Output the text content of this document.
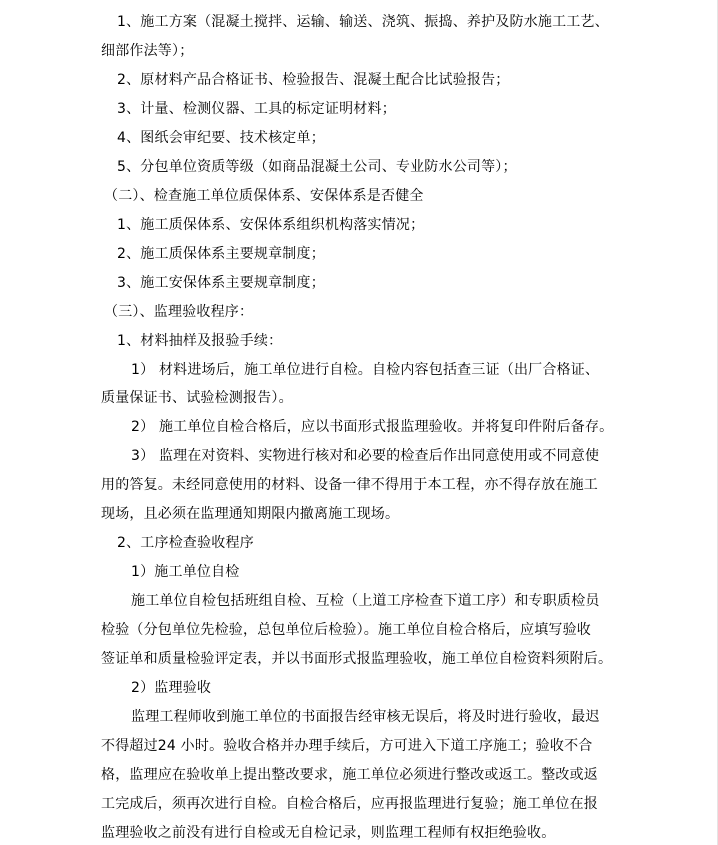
1、施工方案（混凝土搅拌、运输、输送、浇筑、振捣、养护及防水施工工艺、
细部作法等）；
2、原材料产品合格证书、检验报告、混凝土配合比试验报告；
3、计量、检测仪器、工具的标定证明材料；
4、图纸会审纪要、技术核定单；
5、分包单位资质等级（如商品混凝土公司、专业防水公司等）；
（二）、检查施工单位质保体系、安保体系是否健全
1、施工质保体系、安保体系组织机构落实情况；
2、施工质保体系主要规章制度；
3、施工安保体系主要规章制度；
（三）、监理验收程序：
1、材料抽样及报验手续：
1） 材料进场后，施工单位进行自检。自检内容包括查三证（出厂合格证、
质量保证书、试验检测报告）。
2） 施工单位自检合格后，应以书面形式报监理验收。并将复印件附后备存。
3） 监理在对资料、实物进行核对和必要的检查后作出同意使用或不同意使
用的答复。未经同意使用的材料、设备一律不得用于本工程，亦不得存放在施工
现场，且必须在监理通知期限内撤离施工现场。
2、工序检查验收程序
1）施工单位自检
施工单位自检包括班组自检、互检（上道工序检查下道工序）和专职质检员
检验（分包单位先检验，总包单位后检验）。施工单位自检合格后，应填写验收
签证单和质量检验评定表，并以书面形式报监理验收，施工单位自检资料须附后。
2）监理验收
监理工程师收到施工单位的书面报告经审核无误后，将及时进行验收，最迟
不得超过24 小时。验收合格并办理手续后，方可进入下道工序施工；验收不合
格，监理应在验收单上提出整改要求，施工单位必须进行整改或返工。整改或返
工完成后，须再次进行自检。自检合格后，应再报监理进行复验；施工单位在报
监理验收之前没有进行自检或无自检记录，则监理工程师有权拒绝验收。
